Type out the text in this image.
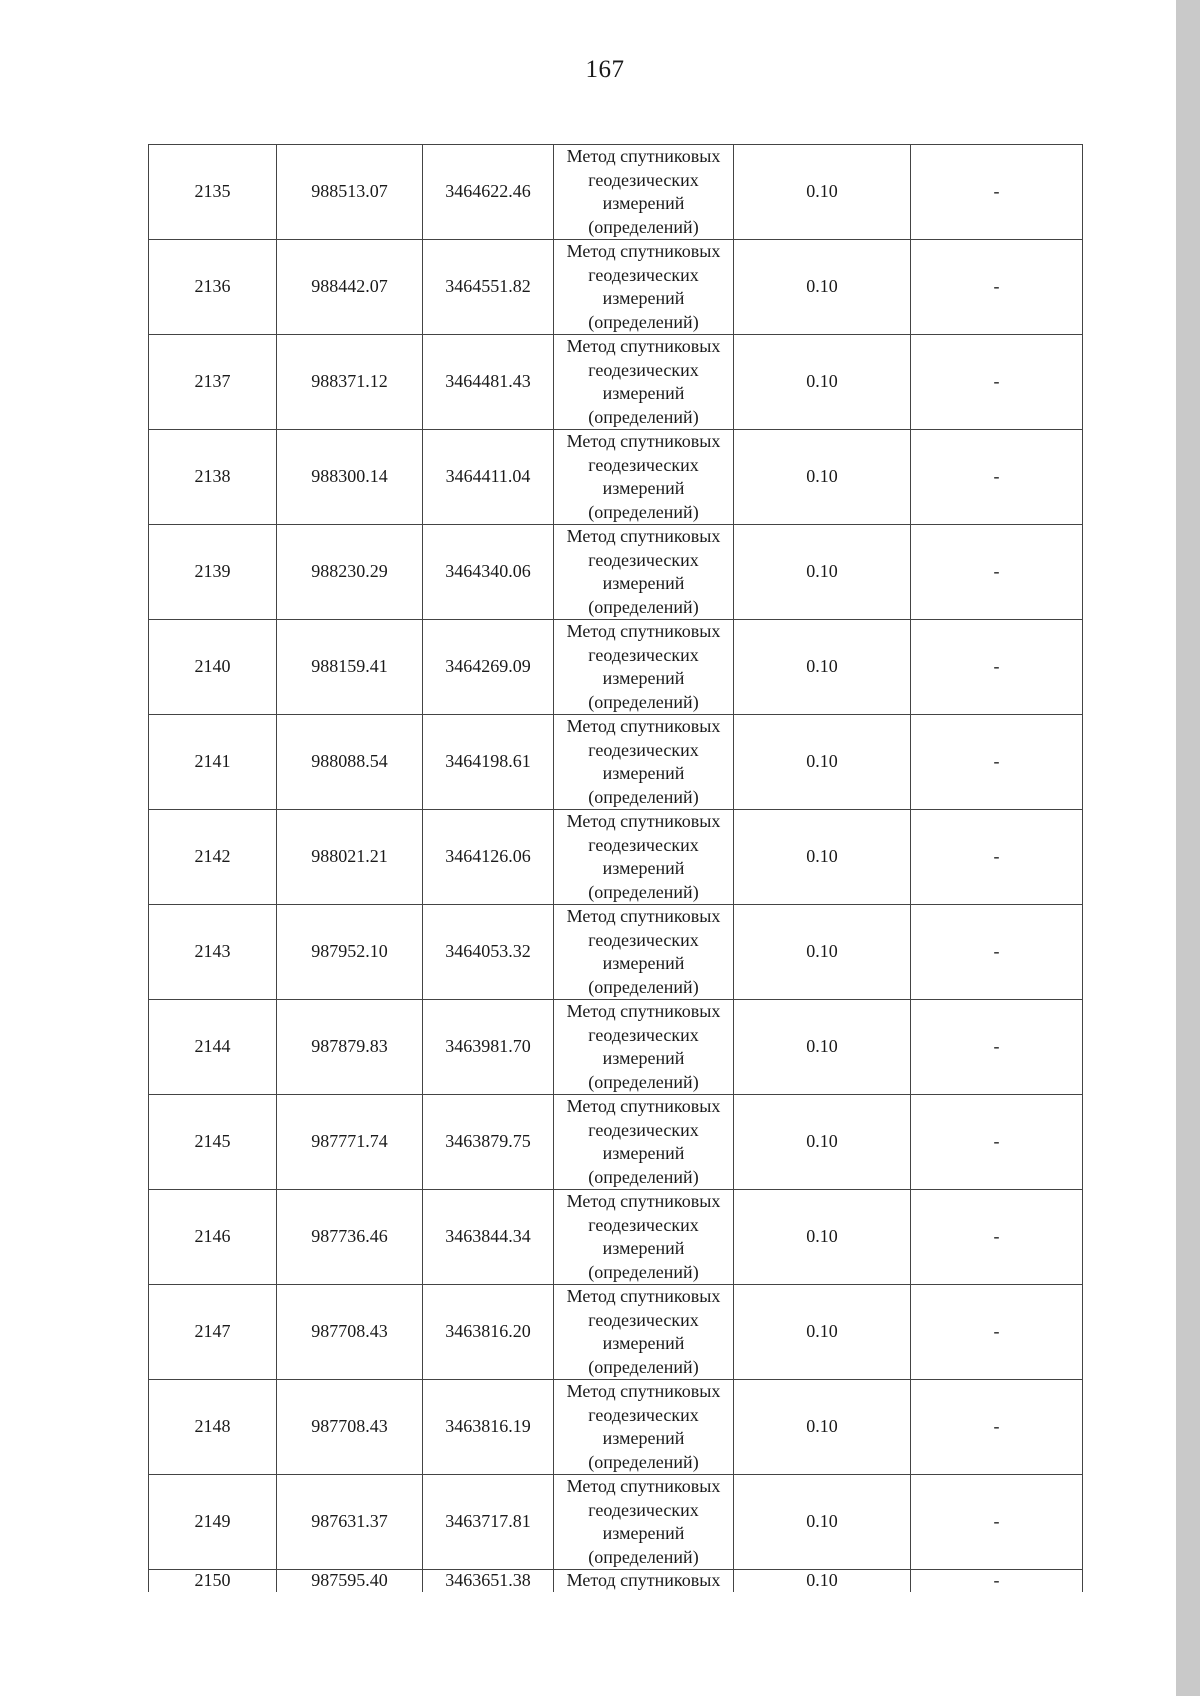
167
2135	988513.07	3464622.46	Метод спутниковых
геодезических
измерений
(определений)	0.10	-
2136	988442.07	3464551.82	Метод спутниковых
геодезических
измерений
(определений)	0.10	-
2137	988371.12	3464481.43	Метод спутниковых
геодезических
измерений
(определений)	0.10	-
2138	988300.14	3464411.04	Метод спутниковых
геодезических
измерений
(определений)	0.10	-
2139	988230.29	3464340.06	Метод спутниковых
геодезических
измерений
(определений)	0.10	-
2140	988159.41	3464269.09	Метод спутниковых
геодезических
измерений
(определений)	0.10	-
2141	988088.54	3464198.61	Метод спутниковых
геодезических
измерений
(определений)	0.10	-
2142	988021.21	3464126.06	Метод спутниковых
геодезических
измерений
(определений)	0.10	-
2143	987952.10	3464053.32	Метод спутниковых
геодезических
измерений
(определений)	0.10	-
2144	987879.83	3463981.70	Метод спутниковых
геодезических
измерений
(определений)	0.10	-
2145	987771.74	3463879.75	Метод спутниковых
геодезических
измерений
(определений)	0.10	-
2146	987736.46	3463844.34	Метод спутниковых
геодезических
измерений
(определений)	0.10	-
2147	987708.43	3463816.20	Метод спутниковых
геодезических
измерений
(определений)	0.10	-
2148	987708.43	3463816.19	Метод спутниковых
геодезических
измерений
(определений)	0.10	-
2149	987631.37	3463717.81	Метод спутниковых
геодезических
измерений
(определений)	0.10	-
2150	987595.40	3463651.38	Метод спутниковых	0.10	-
